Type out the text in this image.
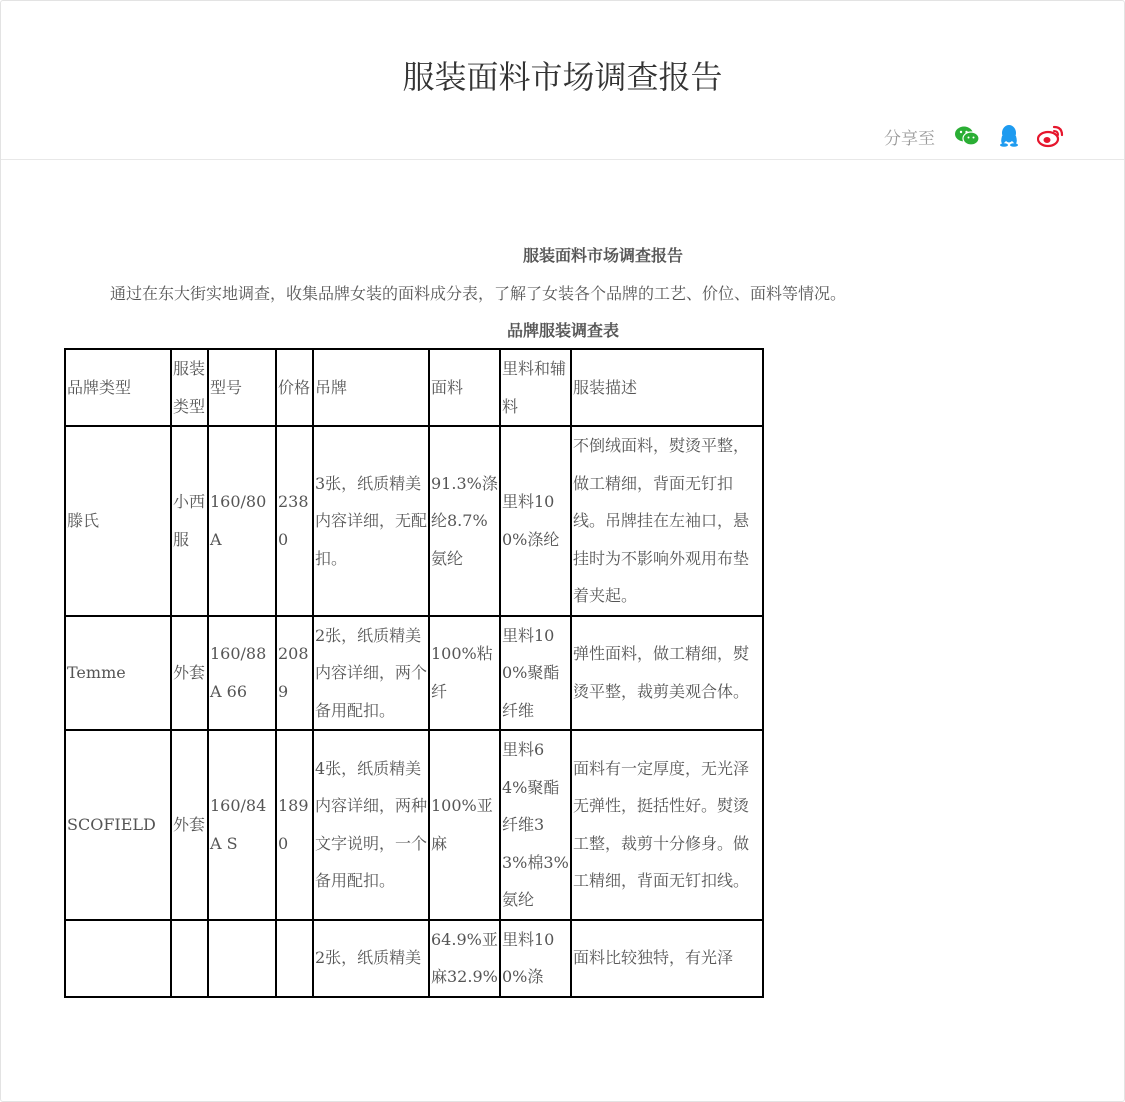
服装面料市场调查报告
分享至
服装面料市场调查报告
通过在东大街实地调查，收集品牌女装的面料成分表，了解了女装各个品牌的工艺、价位、面料等情况。
品牌服装调查表
品牌类型	服装类型	型号	价格	吊牌	面料	里料和辅料	服装描述
滕氏	小西服	160/80A	2380	3张，纸质精美内容详细，无配扣。	91.3%涤纶8.7%氨纶	里料100%涤纶	不倒绒面料，熨烫平整，做工精细，背面无钉扣线。吊牌挂在左袖口，悬挂时为不影响外观用布垫着夹起。
Temme	外套	160/88A 66	2089	2张，纸质精美内容详细，两个备用配扣。	100%粘纤	里料100%聚酯纤维	弹性面料，做工精细，熨烫平整，裁剪美观合体。
SCOFIELD	外套	160/84A S	1890	4张，纸质精美内容详细，两种文字说明，一个备用配扣。	100%亚麻	里料64%聚酯纤维33%棉3%氨纶	面料有一定厚度，无光泽无弹性，挺括性好。熨烫工整，裁剪十分修身。做工精细，背面无钉扣线。
				2张，纸质精美	64.9%亚麻32.9%	里料100%涤	面料比较独特，有光泽
